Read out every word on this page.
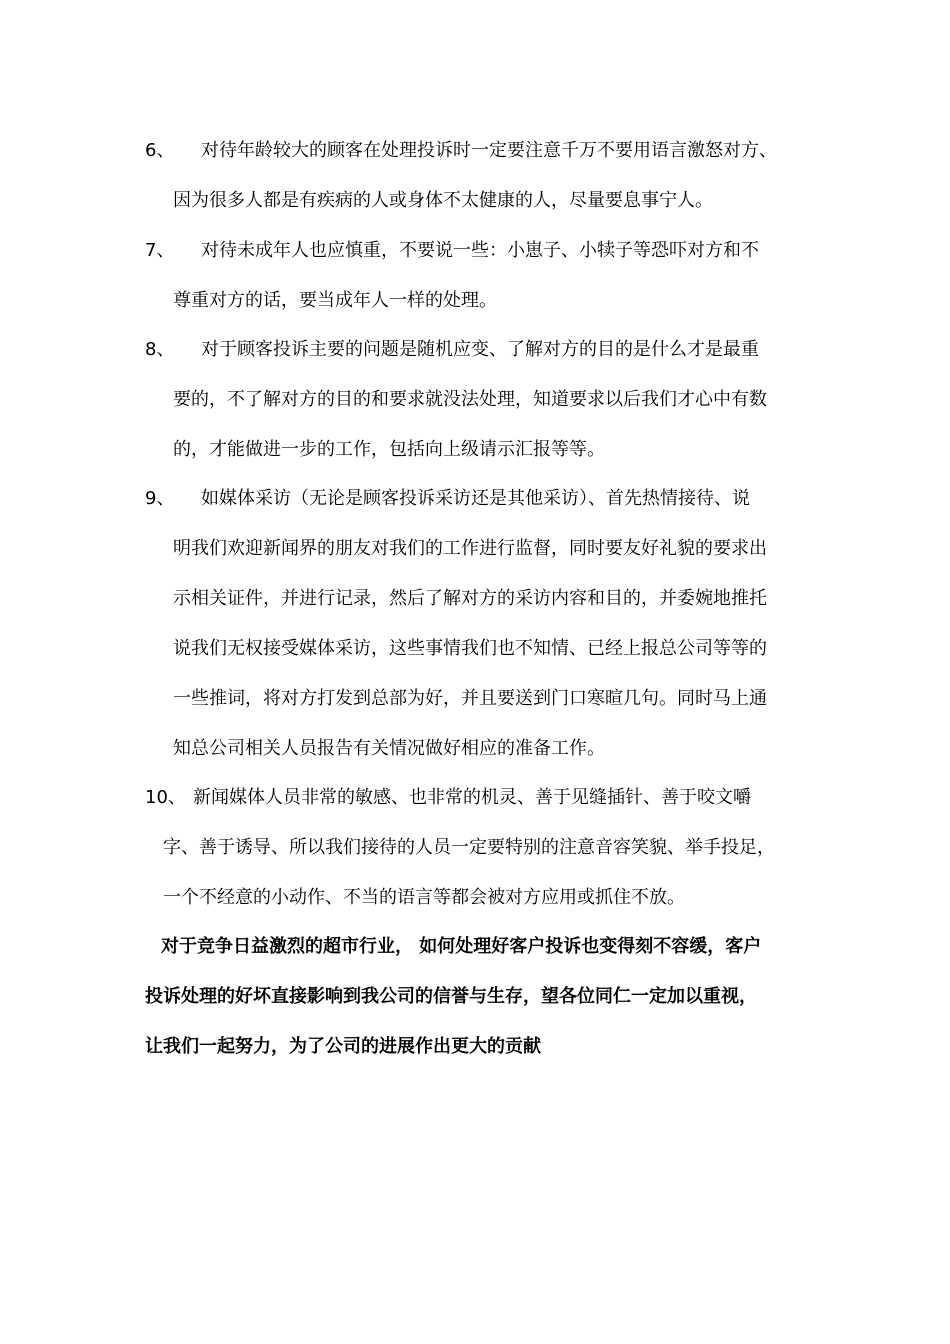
6、	对待年龄较大的顾客在处理投诉时一定要注意千万不要用语言激怒对方、
因为很多人都是有疾病的人或身体不太健康的人，尽量要息事宁人。
7、	对待未成年人也应慎重，不要说一些：小崽子、小犊子等恐吓对方和不
尊重对方的话，要当成年人一样的处理。
8、	对于顾客投诉主要的问题是随机应变、了解对方的目的是什么才是最重
要的，不了解对方的目的和要求就没法处理，知道要求以后我们才心中有数
的，才能做进一步的工作，包括向上级请示汇报等等。
9、	如媒体采访（无论是顾客投诉采访还是其他采访）、首先热情接待、说
明我们欢迎新闻界的朋友对我们的工作进行监督，同时要友好礼貌的要求出
示相关证件，并进行记录，然后了解对方的采访内容和目的，并委婉地推托
说我们无权接受媒体采访，这些事情我们也不知情、已经上报总公司等等的
一些推词，将对方打发到总部为好，并且要送到门口寒暄几句。同时马上通
知总公司相关人员报告有关情况做好相应的准备工作。
10、 新闻媒体人员非常的敏感、也非常的机灵、善于见缝插针、善于咬文嚼
字、善于诱导、所以我们接待的人员一定要特别的注意音容笑貌、举手投足，
一个不经意的小动作、不当的语言等都会被对方应用或抓住不放。
对于竞争日益激烈的超市行业， 如何处理好客户投诉也变得刻不容缓，客户
投诉处理的好坏直接影响到我公司的信誉与生存，望各位同仁一定加以重视，
让我们一起努力，为了公司的进展作出更大的贡献
